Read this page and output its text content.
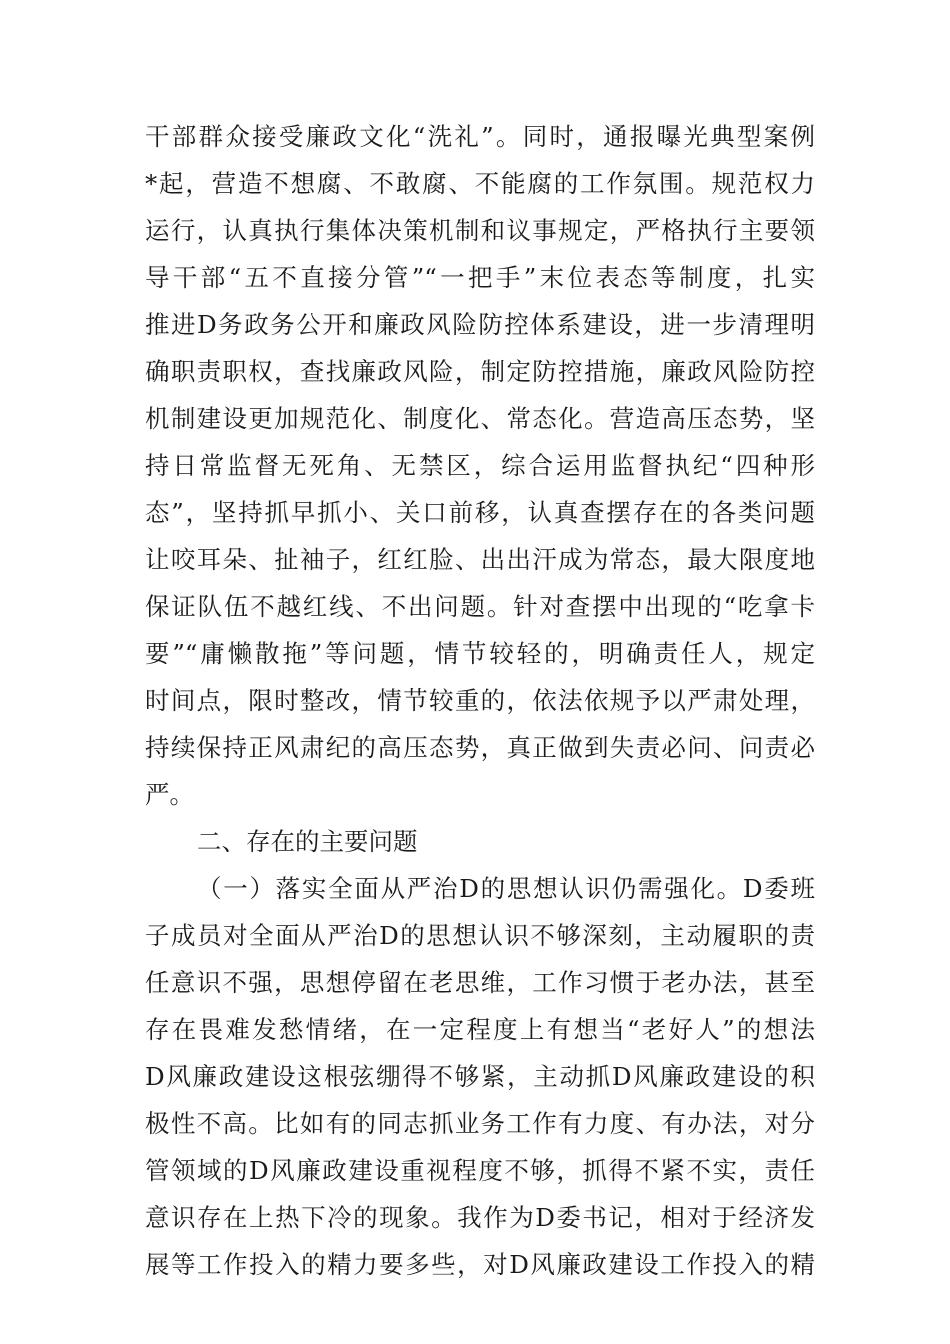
干部群众接受廉政文化“洗礼”。同时，通报曝光典型案例
*起，营造不想腐、不敢腐、不能腐的工作氛围。规范权力
运行，认真执行集体决策机制和议事规定，严格执行主要领
导干部“五不直接分管”“一把手”末位表态等制度，扎实
推进D务政务公开和廉政风险防控体系建设，进一步清理明
确职责职权，查找廉政风险，制定防控措施，廉政风险防控
机制建设更加规范化、制度化、常态化。营造高压态势，坚
持日常监督无死角、无禁区，综合运用监督执纪“四种形
态”，坚持抓早抓小、关口前移，认真查摆存在的各类问题
让咬耳朵、扯袖子，红红脸、出出汗成为常态，最大限度地
保证队伍不越红线、不出问题。针对查摆中出现的“吃拿卡
要”“庸懒散拖”等问题，情节较轻的，明确责任人，规定
时间点，限时整改，情节较重的，依法依规予以严肃处理，
持续保持正风肃纪的高压态势，真正做到失责必问、问责必
严。
二、存在的主要问题
（一）落实全面从严治D的思想认识仍需强化。D委班
子成员对全面从严治D的思想认识不够深刻，主动履职的责
任意识不强，思想停留在老思维，工作习惯于老办法，甚至
存在畏难发愁情绪，在一定程度上有想当“老好人”的想法
D风廉政建设这根弦绷得不够紧，主动抓D风廉政建设的积
极性不高。比如有的同志抓业务工作有力度、有办法，对分
管领域的D风廉政建设重视程度不够，抓得不紧不实，责任
意识存在上热下冷的现象。我作为D委书记，相对于经济发
展等工作投入的精力要多些，对D风廉政建设工作投入的精
